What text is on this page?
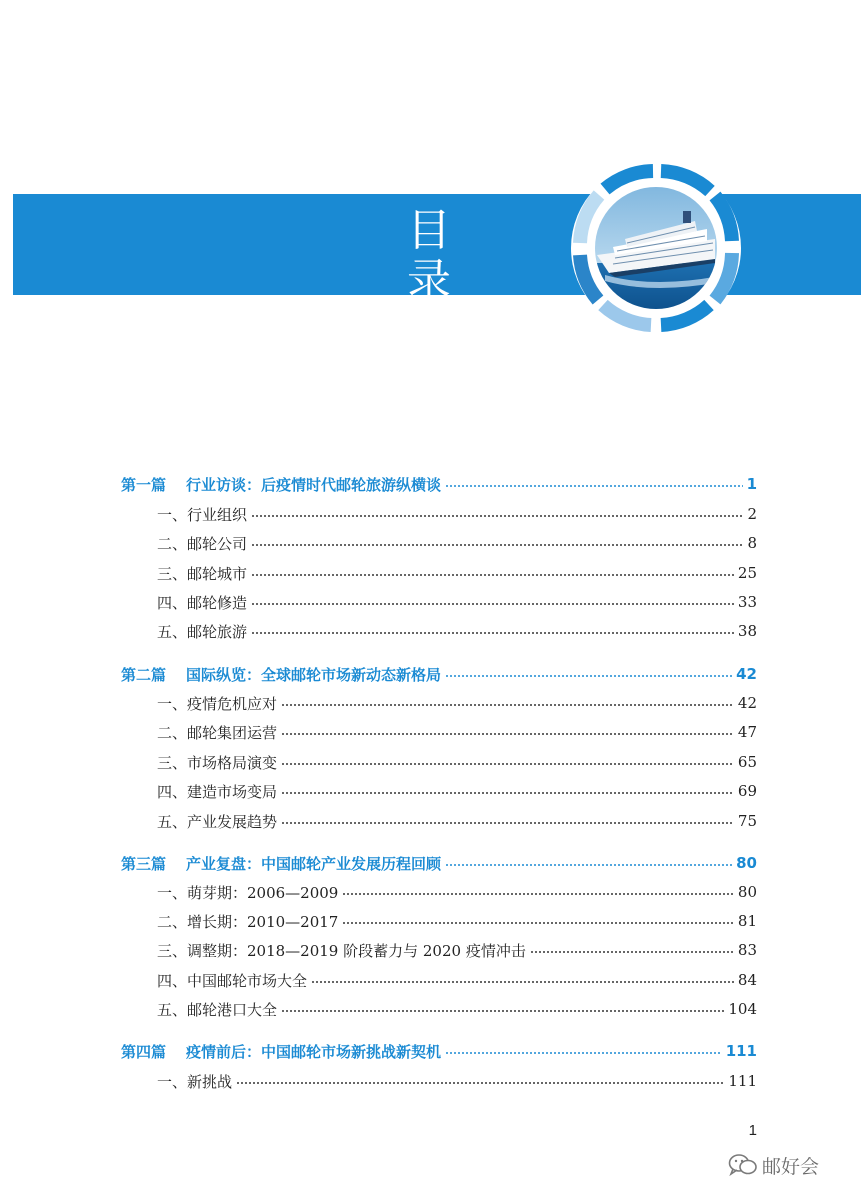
目 录
CONTENTS
第一篇 行业访谈：后疫情时代邮轮旅游纵横谈	1
一、行业组织	2
二、邮轮公司	8
三、邮轮城市	25
四、邮轮修造	33
五、邮轮旅游	38
第二篇 国际纵览：全球邮轮市场新动态新格局	42
一、疫情危机应对	42
二、邮轮集团运营	47
三、市场格局演变	65
四、建造市场变局	69
五、产业发展趋势	75
第三篇 产业复盘：中国邮轮产业发展历程回顾	80
一、萌芽期：2006—2009	80
二、增长期：2010—2017	81
三、调整期：2018—2019 阶段蓄力与 2020 疫情冲击	83
四、中国邮轮市场大全	84
五、邮轮港口大全	104
第四篇 疫情前后：中国邮轮市场新挑战新契机	111
一、新挑战	111
1
邮好会
